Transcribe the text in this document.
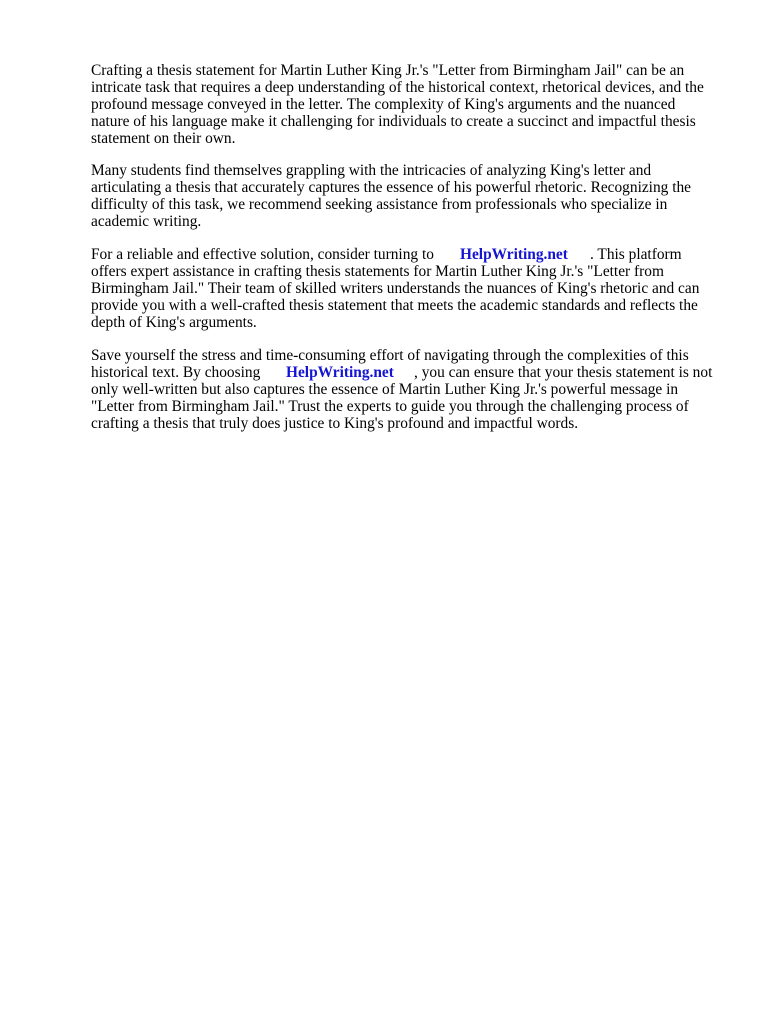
Crafting a thesis statement for Martin Luther King Jr.'s "Letter from Birmingham Jail" can be an

intricate task that requires a deep understanding of the historical context, rhetorical devices, and the

profound message conveyed in the letter. The complexity of King's arguments and the nuanced

nature of his language make it challenging for individuals to create a succinct and impactful thesis

statement on their own.

Many students find themselves grappling with the intricacies of analyzing King's letter and

articulating a thesis that accurately captures the essence of his powerful rhetoric. Recognizing the

difficulty of this task, we recommend seeking assistance from professionals who specialize in

academic writing.

For a reliable and effective solution, consider turning to HelpWriting.net . This platform

offers expert assistance in crafting thesis statements for Martin Luther King Jr.'s "Letter from

Birmingham Jail." Their team of skilled writers understands the nuances of King's rhetoric and can

provide you with a well-crafted thesis statement that meets the academic standards and reflects the

depth of King's arguments.

Save yourself the stress and time-consuming effort of navigating through the complexities of this

historical text. By choosing HelpWriting.net , you can ensure that your thesis statement is not

only well-written but also captures the essence of Martin Luther King Jr.'s powerful message in

"Letter from Birmingham Jail." Trust the experts to guide you through the challenging process of

crafting a thesis that truly does justice to King's profound and impactful words.
